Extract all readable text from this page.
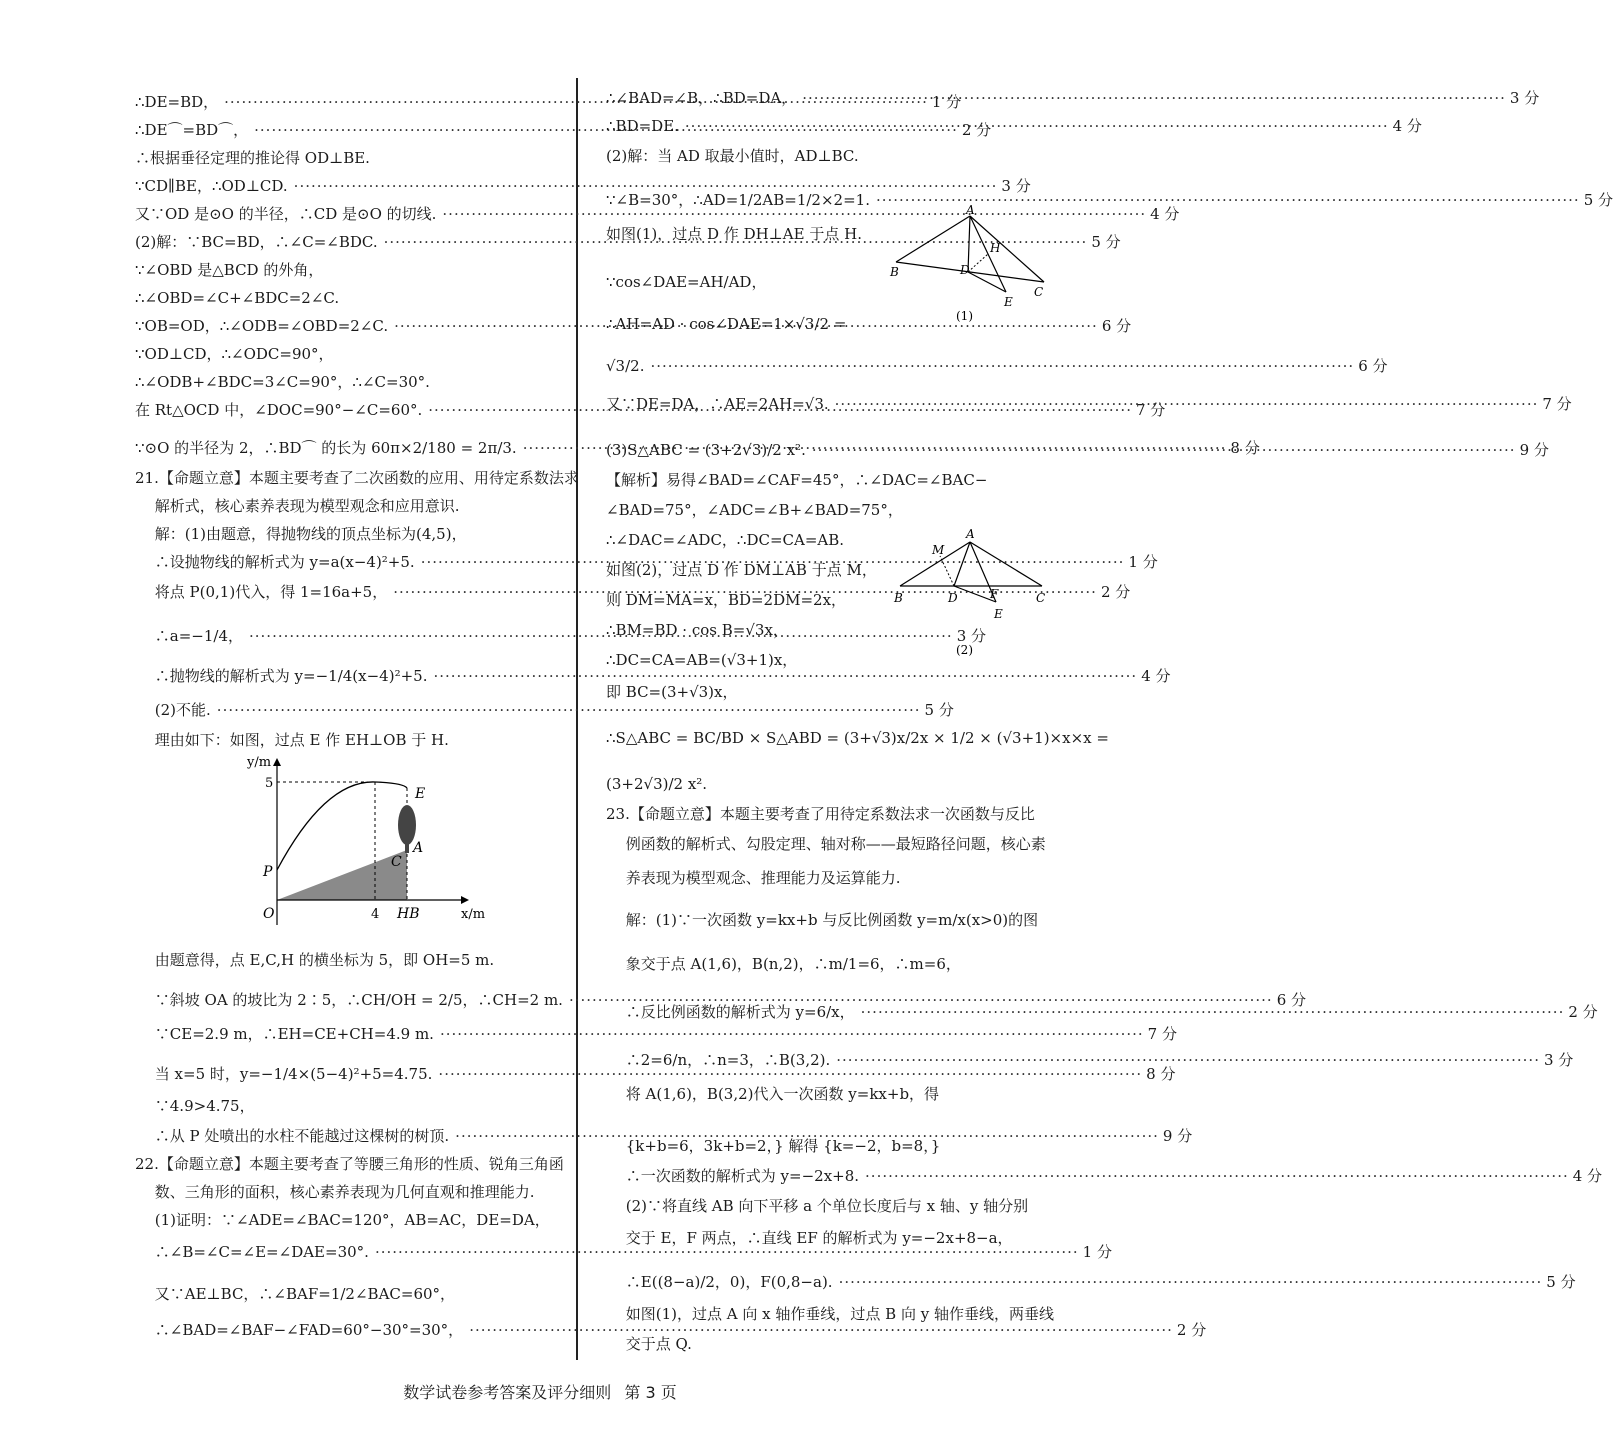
∴DE=BD， ·····	1 分
∴DE⌒=BD⌒， ·····	2 分
∴根据垂径定理的推论得 OD⊥BE.
∵CD∥BE，∴OD⊥CD. ·····	3 分
又∵OD 是⊙O 的半径，∴CD 是⊙O 的切线. ·····	4 分
(2)解：∵BC=BD，∴∠C=∠BDC. ·····	5 分
∵∠OBD 是△BCD 的外角，
∴∠OBD=∠C+∠BDC=2∠C.
∵OB=OD，∴∠ODB=∠OBD=2∠C. ·····	6 分
∵OD⊥CD，∴∠ODC=90°，
∴∠ODB+∠BDC=3∠C=90°，∴∠C=30°.
在 Rt△OCD 中，∠DOC=90°−∠C=60°. ·····	7 分
∵⊙O 的半径为 2，∴BD⌒ 的长为 60π×2/180 = 2π/3. ·····	8 分
21.【命题立意】本题主要考查了二次函数的应用、用待定系数法求
　 解析式，核心素养表现为模型观念和应用意识.
　 解：(1)由题意，得抛物线的顶点坐标为(4,5)，
　 ∴设抛物线的解析式为 y=a(x−4)²+5. ·····	1 分
　 将点 P(0,1)代入，得 1=16a+5， ·····	2 分
　 ∴a=−1/4， ·····	3 分
　 ∴抛物线的解析式为 y=−1/4(x−4)²+5. ·····	4 分
　 (2)不能. ·····	5 分
　 理由如下：如图，过点 E 作 EH⊥OB 于 H.
y/m
x/m
5
4
O
P
E
A
C
HB
　 由题意得，点 E,C,H 的横坐标为 5，即 OH=5 m.
　 ∵斜坡 OA 的坡比为 2∶5，∴CH/OH = 2/5，∴CH=2 m. ·····	6 分
　 ∵CE=2.9 m，∴EH=CE+CH=4.9 m. ·····	7 分
　 当 x=5 时，y=−1/4×(5−4)²+5=4.75. ·····	8 分
　 ∵4.9>4.75，
　 ∴从 P 处喷出的水柱不能越过这棵树的树顶. ·····	9 分
22.【命题立意】本题主要考查了等腰三角形的性质、锐角三角函
　 数、三角形的面积，核心素养表现为几何直观和推理能力.
　 (1)证明：∵∠ADE=∠BAC=120°，AB=AC，DE=DA，
　 ∴∠B=∠C=∠E=∠DAE=30°. ·····	1 分
　 又∵AE⊥BC，∴∠BAF=1/2∠BAC=60°，
　 ∴∠BAD=∠BAF−∠FAD=60°−30°=30°， ·····	2 分
∴∠BAD=∠B，∴BD=DA， ·····	3 分
∴BD=DE. ·····	4 分
(2)解：当 AD 取最小值时，AD⊥BC.
∵∠B=30°，∴AD=1/2AB=1/2×2=1. ·····	5 分
如图(1)，过点 D 作 DH⊥AE 于点 H.
∵cos∠DAE=AH/AD，
∴AH=AD · cos∠DAE=1×√3/2 =
A
H
B	D
E
C
(1)
√3/2. ·····	6 分
又∵DE=DA，∴AE=2AH=√3. ·····	7 分
(3)S△ABC = (3+2√3)/2 x². ·····	9 分
【解析】易得∠BAD=∠CAF=45°，∴∠DAC=∠BAC−
∠BAD=75°，∠ADC=∠B+∠BAD=75°，
∴∠DAC=∠ADC，∴DC=CA=AB.
如图(2)，过点 D 作 DM⊥AB 于点 M，
则 DM=MA=x，BD=2DM=2x，
∴BM=BD · cos B=√3x，
∴DC=CA=AB=(√3+1)x，
即 BC=(3+√3)x，
M
A
B	D	F	C
E
(2)
∴S△ABC = BC/BD × S△ABD = (3+√3)x/2x × 1/2 × (√3+1)×x×x =
(3+2√3)/2 x².
23.【命题立意】本题主要考查了用待定系数法求一次函数与反比
　 例函数的解析式、勾股定理、轴对称——最短路径问题，核心素
　 养表现为模型观念、推理能力及运算能力.
　 解：(1)∵一次函数 y=kx+b 与反比例函数 y=m/x(x>0)的图
　 象交于点 A(1,6)，B(n,2)，∴m/1=6，∴m=6，
　 ∴反比例函数的解析式为 y=6/x， ·····	2 分
　 ∴2=6/n，∴n=3，∴B(3,2). ·····	3 分
　 将 A(1,6)，B(3,2)代入一次函数 y=kx+b，得
　 {k+b=6，3k+b=2，} 解得 {k=−2，b=8，}
　 ∴一次函数的解析式为 y=−2x+8. ·····	4 分
　 (2)∵将直线 AB 向下平移 a 个单位长度后与 x 轴、y 轴分别
　 交于 E，F 两点，∴直线 EF 的解析式为 y=−2x+8−a，
　 ∴E((8−a)/2，0)，F(0,8−a). ·····	5 分
　 如图(1)，过点 A 向 x 轴作垂线，过点 B 向 y 轴作垂线，两垂线
　 交于点 Q.
数学试卷参考答案及评分细则 第 3 页
